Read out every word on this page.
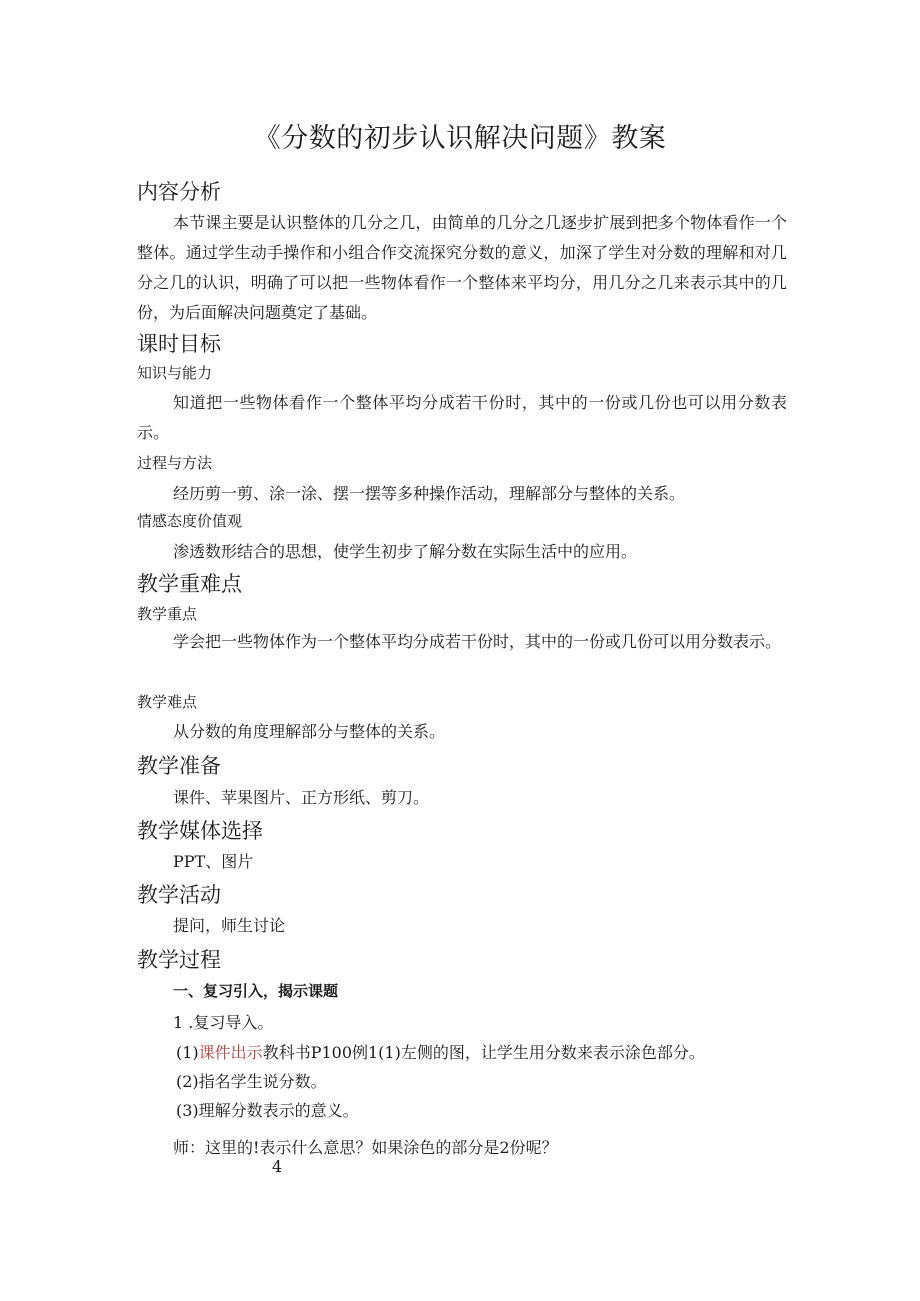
《分数的初步认识解决问题》教案
内容分析

本节课主要是认识整体的几分之几，由简单的几分之几逐步扩展到把多个物体看作一个整体。通过学生动手操作和小组合作交流探究分数的意义，加深了学生对分数的理解和对几分之几的认识，明确了可以把一些物体看作一个整体来平均分，用几分之几来表示其中的几份，为后面解决问题奠定了基础。

课时目标
知识与能力

知道把一些物体看作一个整体平均分成若干份时，其中的一份或几份也可以用分数表示。

过程与方法
经历剪一剪、涂一涂、摆一摆等多种操作活动，理解部分与整体的关系。
情感态度价值观
渗透数形结合的思想，使学生初步了解分数在实际生活中的应用。
教学重难点
教学重点

学会把一些物体作为一个整体平均分成若干份时，其中的一份或几份可以用分数表示。

教学难点
从分数的角度理解部分与整体的关系。
教学准备
课件、苹果图片、正方形纸、剪刀。
教学媒体选择
PPT、图片
教学活动
提问，师生讨论
教学过程
一、复习引入，揭示课题
1 .复习导入。
(1)课件出示教科书P100例1(1)左侧的图，让学生用分数来表示涂色部分。
(2)指名学生说分数。
(3)理解分数表示的意义。
师：这里的!表示什么意思？如果涂色的部分是2份呢？
4
